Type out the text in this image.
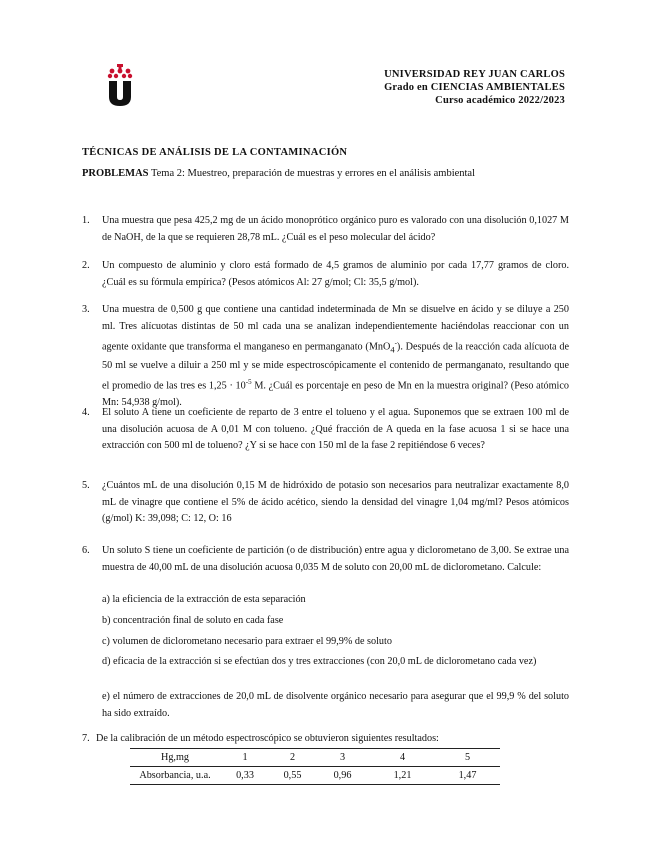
UNIVERSIDAD REY JUAN CARLOS
Grado en CIENCIAS AMBIENTALES
Curso académico 2022/2023
TÉCNICAS DE ANÁLISIS DE LA CONTAMINACIÓN
PROBLEMAS Tema 2: Muestreo, preparación de muestras y errores en el análisis ambiental
1.	Una muestra que pesa 425,2 mg de un ácido monoprótico orgánico puro es valorado con una disolución 0,1027 M de NaOH, de la que se requieren 28,78 mL. ¿Cuál es el peso molecular del ácido?
2.	Un compuesto de aluminio y cloro está formado de 4,5 gramos de aluminio por cada 17,77 gramos de cloro. ¿Cuál es su fórmula empírica? (Pesos atómicos Al: 27 g/mol; Cl: 35,5 g/mol).
3.	Una muestra de 0,500 g que contiene una cantidad indeterminada de Mn se disuelve en ácido y se diluye a 250 ml. Tres alícuotas distintas de 50 ml cada una se analizan independientemente haciéndolas reaccionar con un agente oxidante que transforma el manganeso en permanganato (MnO$_4$-). Después de la reacción cada alícuota de 50 ml se vuelve a diluir a 250 ml y se mide espectroscópicamente el contenido de permanganato, resultando que el promedio de las tres es $1,25 \cdot 10^{-5}$ M. ¿Cuál es porcentaje en peso de Mn en la muestra original? (Peso atómico Mn: 54,938 g/mol).
4.	El soluto A tiene un coeficiente de reparto de 3 entre el tolueno y el agua. Suponemos que se extraen 100 ml de una disolución acuosa de A 0,01 M con tolueno. ¿Qué fracción de A queda en la fase acuosa 1 si se hace una extracción con 500 ml de tolueno? ¿Y si se hace con 150 ml de la fase 2 repitiéndose 6 veces?
5.	¿Cuántos mL de una disolución 0,15 M de hidróxido de potasio son necesarios para neutralizar exactamente 8,0 mL de vinagre que contiene el 5% de ácido acético, siendo la densidad del vinagre 1,04 mg/ml? Pesos atómicos (g/mol) K: 39,098; C: 12, O: 16
6.	Un soluto S tiene un coeficiente de partición (o de distribución) entre agua y diclorometano de 3,00. Se extrae una muestra de 40,00 mL de una disolución acuosa 0,035 M de soluto con 20,00 mL de diclorometano. Calcule:
a) la eficiencia de la extracción de esta separación
b) concentración final de soluto en cada fase
c) volumen de diclorometano necesario para extraer el 99,9% de soluto
d) eficacia de la extracción si se efectúan dos y tres extracciones (con 20,0 mL de diclorometano cada vez)
e) el número de extracciones de 20,0 mL de disolvente orgánico necesario para asegurar que el 99,9 % del soluto ha sido extraído.
7. De la calibración de un método espectroscópico se obtuvieron siguientes resultados:
Hg,mg	1	2	3	4	5
Absorbancia, u.a.	0,33	0,55	0,96	1,21	1,47
